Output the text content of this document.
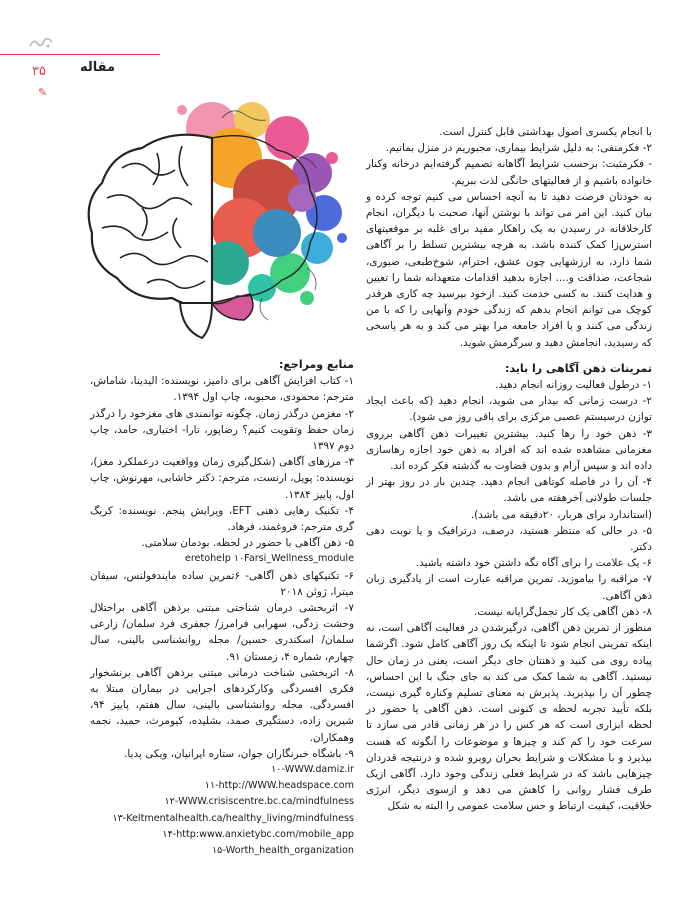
۳۵	مقاله
✎

با انجام یکسری اصول بهداشتی قابل کنترل است.

۲- فکرمنفی: به دلیل شرایط بیماری، مجبوریم در منزل بمانیم.

- فکرمثبت: برحسب شرایط آگاهانه تصمیم گرفته‌ایم درخانه وکنار خانواده باشیم و از فعالیتهای خانگی لذت ببریم.

به خودتان فرصت دهید تا به آنچه احساس می کنیم توجه کرده و بیان کنید. این امر می تواند با نوشتن آنها، صحبت با دیگران، انجام کارخلاقانه در رسیدن به یک راهکار مفید برای غلبه بر موقعیتهای استرس‌زا کمک کننده باشد. به هرچه بیشترین تسلط را بر آگاهی شما دارد، به ارزشهایی چون عشق، احترام، شوخ‌طبعی، صبوری، شجاعت، صداقت و.... اجازه بدهید اقدامات متعهدانه شما را تعیین و هدایت کنند. به کسی خدمت کنید. ازخود بپرسید چه کاری هرقدر کوچک می توانم انجام بدهم که زندگی خودم وآنهایی را که با من زندگی می کنند و یا افراد جامعه مرا بهتر می کند و به هر پاسخی که رسیدید، انجامش دهید و سرگرمش شوید.

تمرینات ذهن آگاهی را باید:

۱- درطول فعالیت روزانه انجام دهید.

۲- درست زمانی که بیدار می شوید، انجام دهید (که باعث ایجاد توازن درسیستم عصبی مرکزی برای باقی روز می شود).

۳- ذهن خود را رها کنید. بیشترین تغییرات ذهن آگاهی برروی مغزمانی مشاهده شده اند که افراد به ذهن خود اجازه رهاسازی داده اند و سپس آرام و بدون قضاوت به گذشته فکر کرده اند.

۴- آن را در فاصله کوتاهی انجام دهید. چندین بار در روز بهتر از جلسات طولانی آخرهفته می باشد.

(استاندارد برای هربار، ۲۰دقیقه می باشد).

۵- در حالی که منتظر هستید، درصف، درترافیک و یا نوبت دهی دکتر.

۶- یک علامت را برای آگاه نگه داشتن خود داشته باشید.

۷- مراقبه را بیاموزید. تمرین مراقبه عبارت است از یادگیری زبان ذهن آگاهی.

۸- ذهن آگاهی یک کار تجمل‌گرایانه نیست.

منظور از تمرین ذهن آگاهی، درگیرشدن در فعالیت آگاهی است، نه اینکه تمرینی انجام شود تا اینکه یک روز آگاهی کامل شود. اگرشما پیاده روی می کنید و ذهنتان جای دیگر است، یعنی در زمان حال نیستید. آگاهی به شما کمک می کند به جای جنگ با این احساس، چطور آن را بپذیرید. پذیرش به معنای تسلیم وکناره گیری نیست، بلکه تأیید تجربه لحظه ی کنونی است. ذهن آگاهی یا حضور در لحظه ابزاری است که هر کس را در هر زمانی قادر می سازد تا سرعت خود را کم کند و چیزها و موضوعات را آنگونه که هست بپذیرد و با مشکلات و شرایط بحران روبرو شده و درنتیجه قدردان چیزهایی باشد که در شرایط فعلی زندگی وجود دارد. آگاهی ازیک طرف فشار روانی را کاهش می دهد و ازسوی دیگر، انرژی خلاقیت، کیفیت ارتباط و حس سلامت عمومی را البته به شکل

منابع ومراجع:

۱- کتاب افزایش آگاهی برای دامیز، نویسنده: الیدینا، شاماش، مترجم: محمودی، محبوبه، چاپ اول ۱۳۹۴.

۲- مغزمن درگذر زمان. چگونه توانمندی های مغزخود را درگذر زمان حفظ وتقویت کنیم؟ رضاپور، تارا- اختیاری، حامد، چاپ دوم ۱۳۹۷

۳- مرزهای آگاهی (شکل‌گیری زمان وواقعیت درعملکرد مغز)، نویسنده: پوپل، ارنست، مترجم: دکتر خاشابی، مهرنوش، چاپ اول، پاییز ۱۳۸۴.

۴- تکنیک رهایی ذهنی EFT، ویرایش پنجم. نویسنده: کریگ گری مترجم: فروغمند، فرهاد.

۵- ذهن آگاهی با حضور در لحظه. بودمان سلامتی.

eretohelp ۱۰Farsi_Wellness_module

۶- تکنیکهای ذهن آگاهی- ۶تمرین ساده مایندفولنس، سیفان میترا، ژوئن ۲۰۱۸

۷- اثربخشی درمان شناختی مبتنی برذهن آگاهی براختلال وحشت زدگی، سهرابی فرامرز/ جعفری فرد سلمان/ زارعی سلمان/ اسکندری حسین/ مجله روانشناسی بالینی، سال چهارم، شماره ۴، زمستان ۹۱.

۸- اثربخشی شناخت درمانی مبتنی برذهن آگاهی برنشخوار فکری افسردگی وکارکردهای اجرایی در بیماران مبتلا به افسردگی. مجله روانشناسی بالینی، سال هفتم، پاییز ۹۴، شیرین زاده، دستگیری صمد، بشلیده، کیومرث، حمید، نجمه وهمکاران.

۹- باشگاه خبرنگاران جوان، ستاره ایرانیان، ویکی پدیا.

۱۰-WWW.damiz.ir

۱۱-http://WWW.headspace.com

۱۲-WWW.crisiscentre.bc.ca/mindfulness

۱۳-Keltmentalhealth.ca/healthy_living/mindfulness

۱۴-http:www.anxietybc.com/mobile_app

۱۵-Worth_health_organization
